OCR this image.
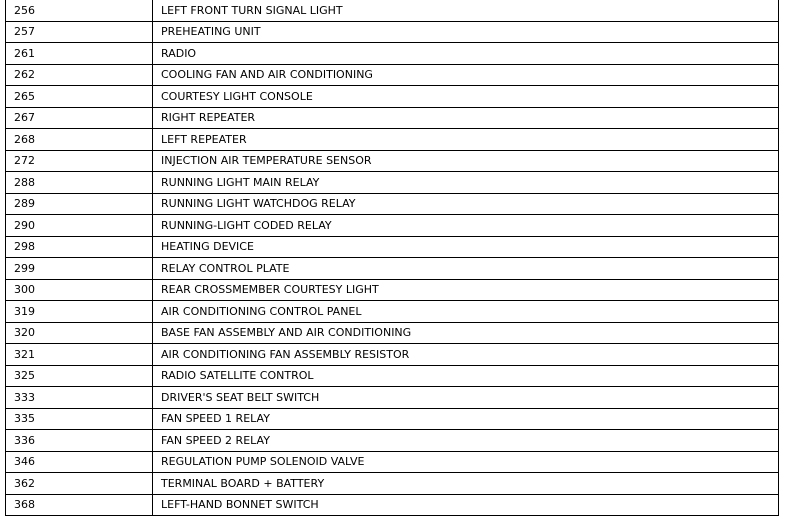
256	LEFT FRONT TURN SIGNAL LIGHT
257	PREHEATING UNIT
261	RADIO
262	COOLING FAN AND AIR CONDITIONING
265	COURTESY LIGHT CONSOLE
267	RIGHT REPEATER
268	LEFT REPEATER
272	INJECTION AIR TEMPERATURE SENSOR
288	RUNNING LIGHT MAIN RELAY
289	RUNNING LIGHT WATCHDOG RELAY
290	RUNNING-LIGHT CODED RELAY
298	HEATING DEVICE
299	RELAY CONTROL PLATE
300	REAR CROSSMEMBER COURTESY LIGHT
319	AIR CONDITIONING CONTROL PANEL
320	BASE FAN ASSEMBLY AND AIR CONDITIONING
321	AIR CONDITIONING FAN ASSEMBLY RESISTOR
325	RADIO SATELLITE CONTROL
333	DRIVER'S SEAT BELT SWITCH
335	FAN SPEED 1 RELAY
336	FAN SPEED 2 RELAY
346	REGULATION PUMP SOLENOID VALVE
362	TERMINAL BOARD + BATTERY
368	LEFT-HAND BONNET SWITCH
